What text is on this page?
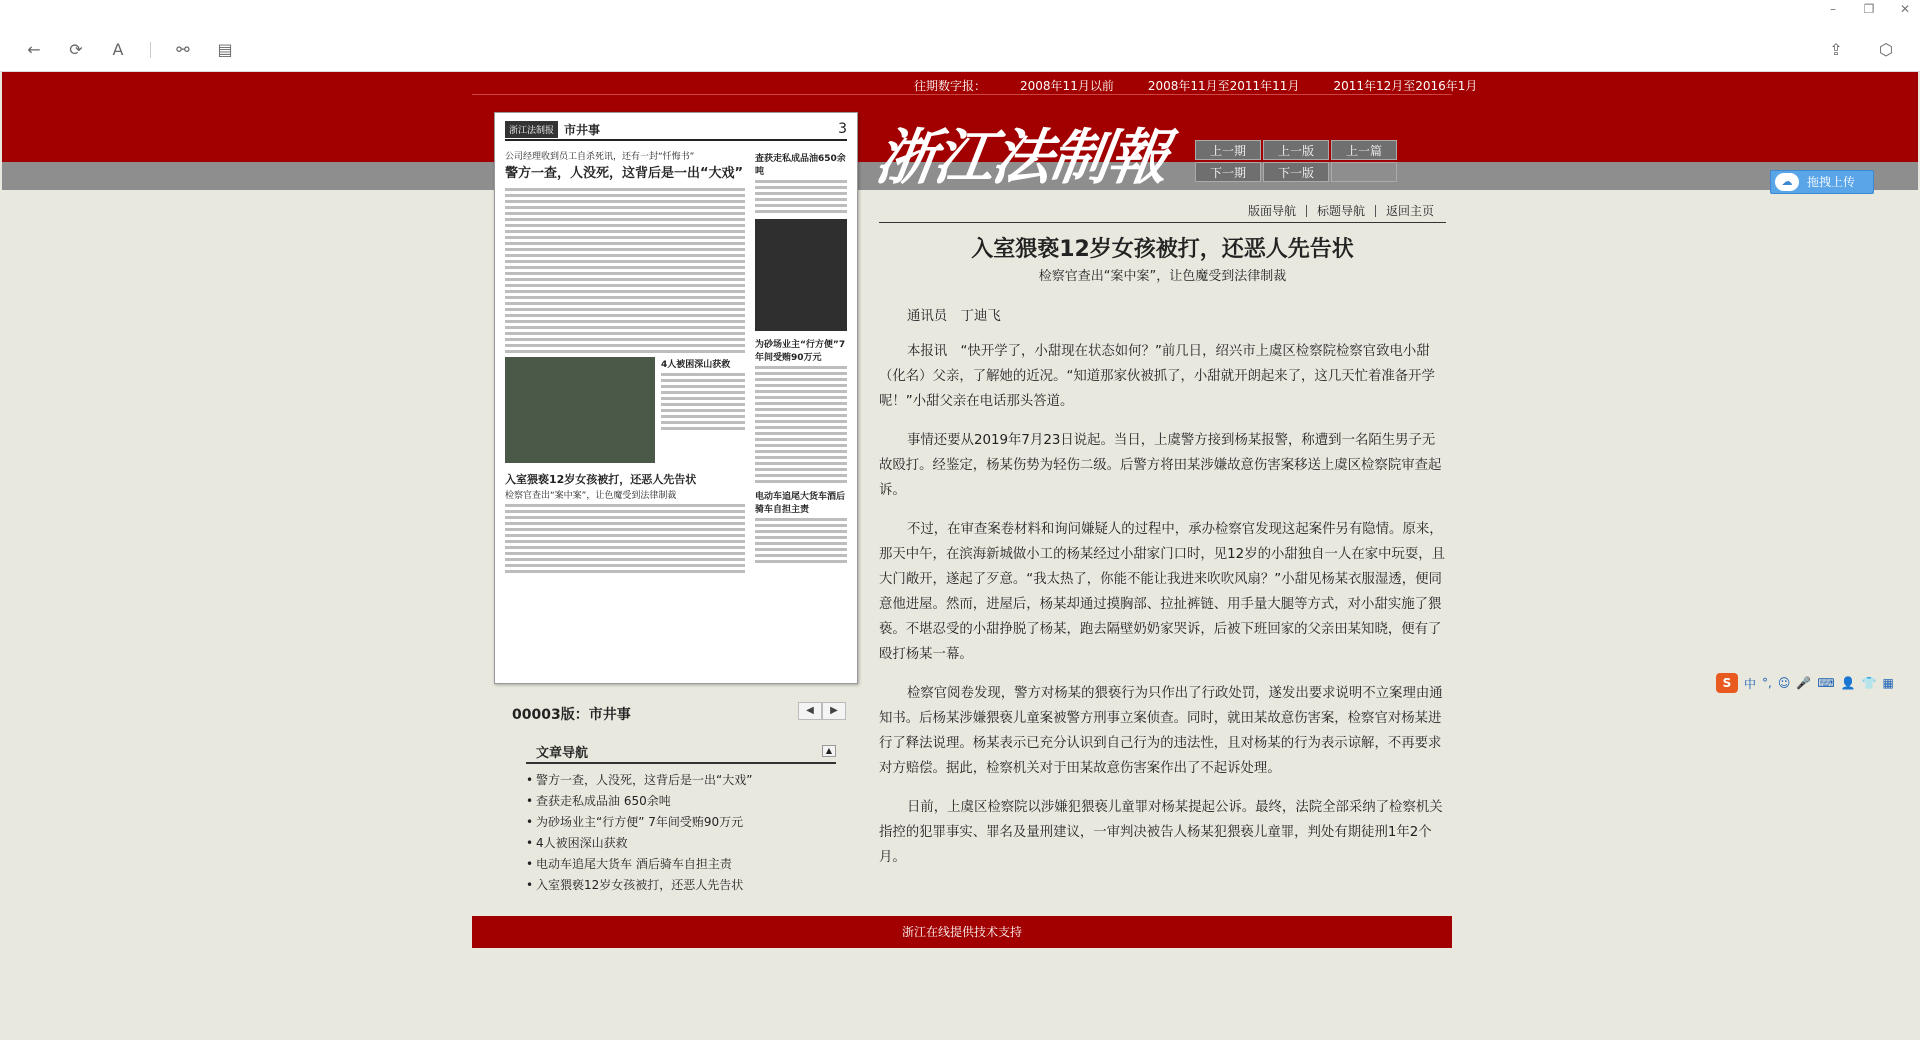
–	❐ ✕
← ⟳ A	⚯ ▤	⇪ ⬡
往期数字报：	2008年11月以前	2008年11月至2011年11月	2011年12月至2016年1月
浙江法制報	上一期	上一版	上一篇
下一期	下一版
☁	拖拽上传
浙江法制报 市井事	3
公司经理收到员工自杀死讯，还有一封“忏悔书”
警方一查，人没死，这背后是一出“大戏”
4人被困深山获救
入室猥亵12岁女孩被打，还恶人先告状
检察官查出“案中案”，让色魔受到法律制裁
查获走私成品油650余吨
为砂场业主“行方便”7年间受贿90万元
电动车追尾大货车酒后骑车自担主责
00003版：市井事	◀	▶
文章导航	▲
• 警方一查，人没死，这背后是一出“大戏”
• 查获走私成品油 650余吨
• 为砂场业主“行方便” 7年间受贿90万元
• 4人被困深山获救
• 电动车追尾大货车 酒后骑车自担主责
• 入室猥亵12岁女孩被打，还恶人先告状
版面导航 标题导航 返回主页
入室猥亵12岁女孩被打，还恶人先告状
检察官查出“案中案”，让色魔受到法律制裁

通讯员　丁迪飞

本报讯　“快开学了，小甜现在状态如何？”前几日，绍兴市上虞区检察院检察官致电小甜（化名）父亲，了解她的近况。“知道那家伙被抓了，小甜就开朗起来了，这几天忙着准备开学呢！”小甜父亲在电话那头答道。

事情还要从2019年7月23日说起。当日，上虞警方接到杨某报警，称遭到一名陌生男子无故殴打。经鉴定，杨某伤势为轻伤二级。后警方将田某涉嫌故意伤害案移送上虞区检察院审查起诉。

不过，在审查案卷材料和询问嫌疑人的过程中，承办检察官发现这起案件另有隐情。原来，那天中午，在滨海新城做小工的杨某经过小甜家门口时，见12岁的小甜独自一人在家中玩耍，且大门敞开，遂起了歹意。“我太热了，你能不能让我进来吹吹风扇？”小甜见杨某衣服湿透，便同意他进屋。然而，进屋后，杨某却通过摸胸部、拉扯裤链、用手量大腿等方式，对小甜实施了猥亵。不堪忍受的小甜挣脱了杨某，跑去隔壁奶奶家哭诉，后被下班回家的父亲田某知晓，便有了殴打杨某一幕。

检察官阅卷发现，警方对杨某的猥亵行为只作出了行政处罚，遂发出要求说明不立案理由通知书。后杨某涉嫌猥亵儿童案被警方刑事立案侦查。同时，就田某故意伤害案，检察官对杨某进行了释法说理。杨某表示已充分认识到自己行为的违法性，且对杨某的行为表示谅解，不再要求对方赔偿。据此，检察机关对于田某故意伤害案作出了不起诉处理。

日前，上虞区检察院以涉嫌犯猥亵儿童罪对杨某提起公诉。最终，法院全部采纳了检察机关指控的犯罪事实、罪名及量刑建议，一审判决被告人杨某犯猥亵儿童罪，判处有期徒刑1年2个月。

浙江在线提供技术支持
S	中 °, ☺ 🎤 ⌨ 👤 👕 ▦
